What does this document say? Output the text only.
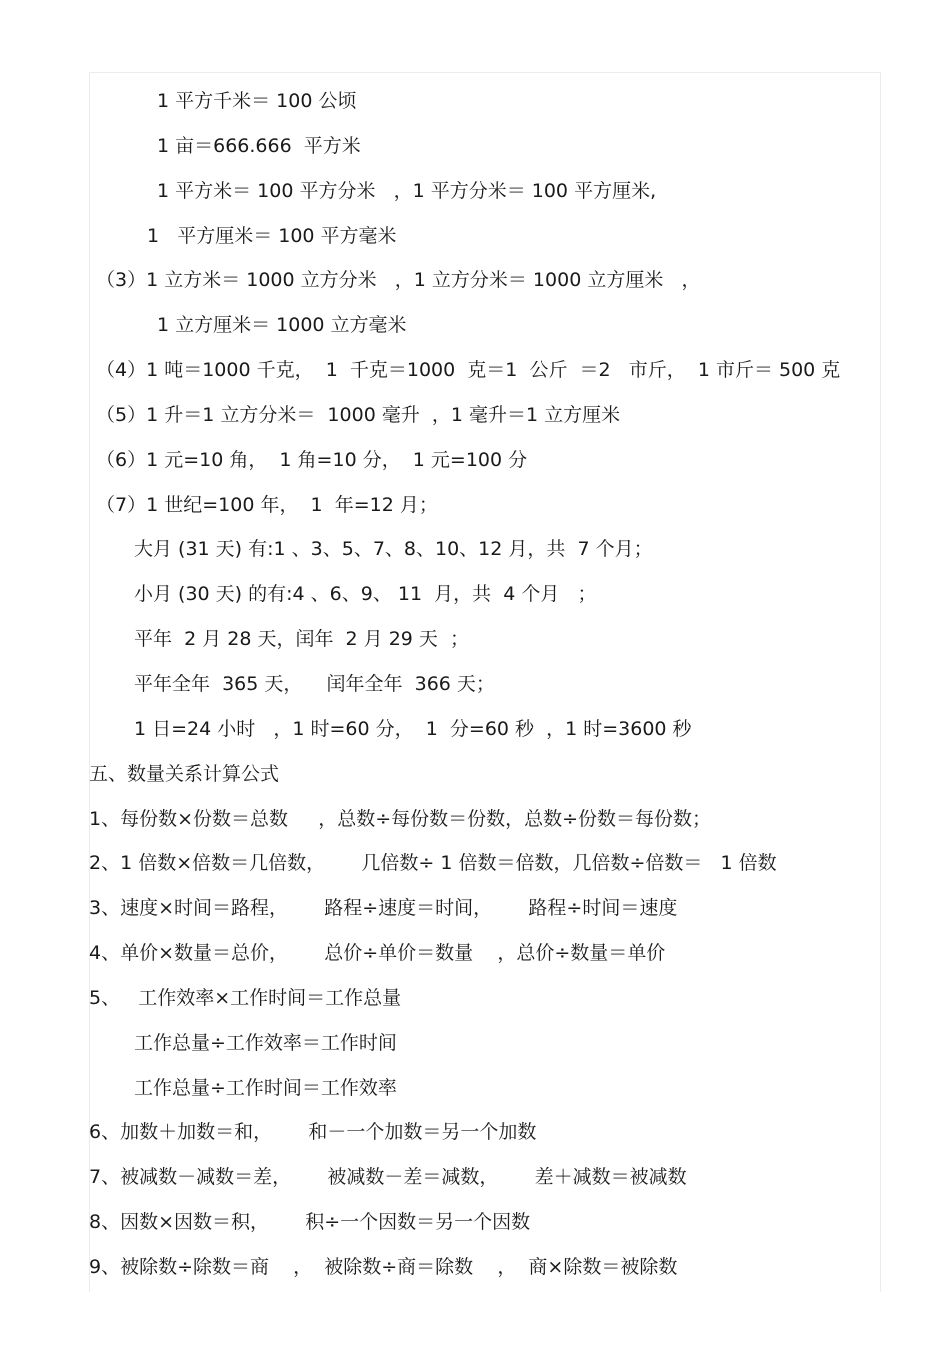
1 平方千米＝ 100 公顷
1 亩＝666.666  平方米
1 平方米＝ 100 平方分米   ，1 平方分米＝ 100 平方厘米,
1   平方厘米＝ 100 平方毫米
（3）1 立方米＝ 1000 立方分米   ，1 立方分米＝ 1000 立方厘米   ，
1 立方厘米＝ 1000 立方毫米
（4）1 吨＝1000 千克，  1  千克＝1000  克＝1  公斤  ＝2   市斤，  1 市斤＝ 500 克
（5）1 升＝1 立方分米＝  1000 毫升  ，1 毫升＝1 立方厘米
（6）1 元=10 角，  1 角=10 分，  1 元=100 分
（7）1 世纪=100 年，  1  年=12 月；
大月 (31 天) 有:1 、3、5、7、8、10、12 月，共  7 个月；
小月 (30 天) 的有:4 、6、9、 11  月，共  4 个月   ；
平年  2 月 28 天，闰年  2 月 29 天  ；
平年全年  365 天，    闰年全年  366 天；
1 日=24 小时   ，1 时=60 分，  1  分=60 秒  ，1 时=3600 秒
五、数量关系计算公式
1、每份数×份数＝总数     ，总数÷每份数＝份数，总数÷份数＝每份数；
2、1 倍数×倍数＝几倍数，      几倍数÷ 1 倍数＝倍数，几倍数÷倍数＝   1 倍数
3、速度×时间＝路程，      路程÷速度＝时间，      路程÷时间＝速度
4、单价×数量＝总价，      总价÷单价＝数量    ，总价÷数量＝单价
5、   工作效率×工作时间＝工作总量
工作总量÷工作效率＝工作时间
工作总量÷工作时间＝工作效率
6、加数＋加数＝和，      和－一个加数＝另一个加数
7、被减数－减数＝差，      被减数－差＝减数，      差＋减数＝被减数
8、因数×因数＝积，      积÷一个因数＝另一个因数
9、被除数÷除数＝商    ，  被除数÷商＝除数    ，  商×除数＝被除数
